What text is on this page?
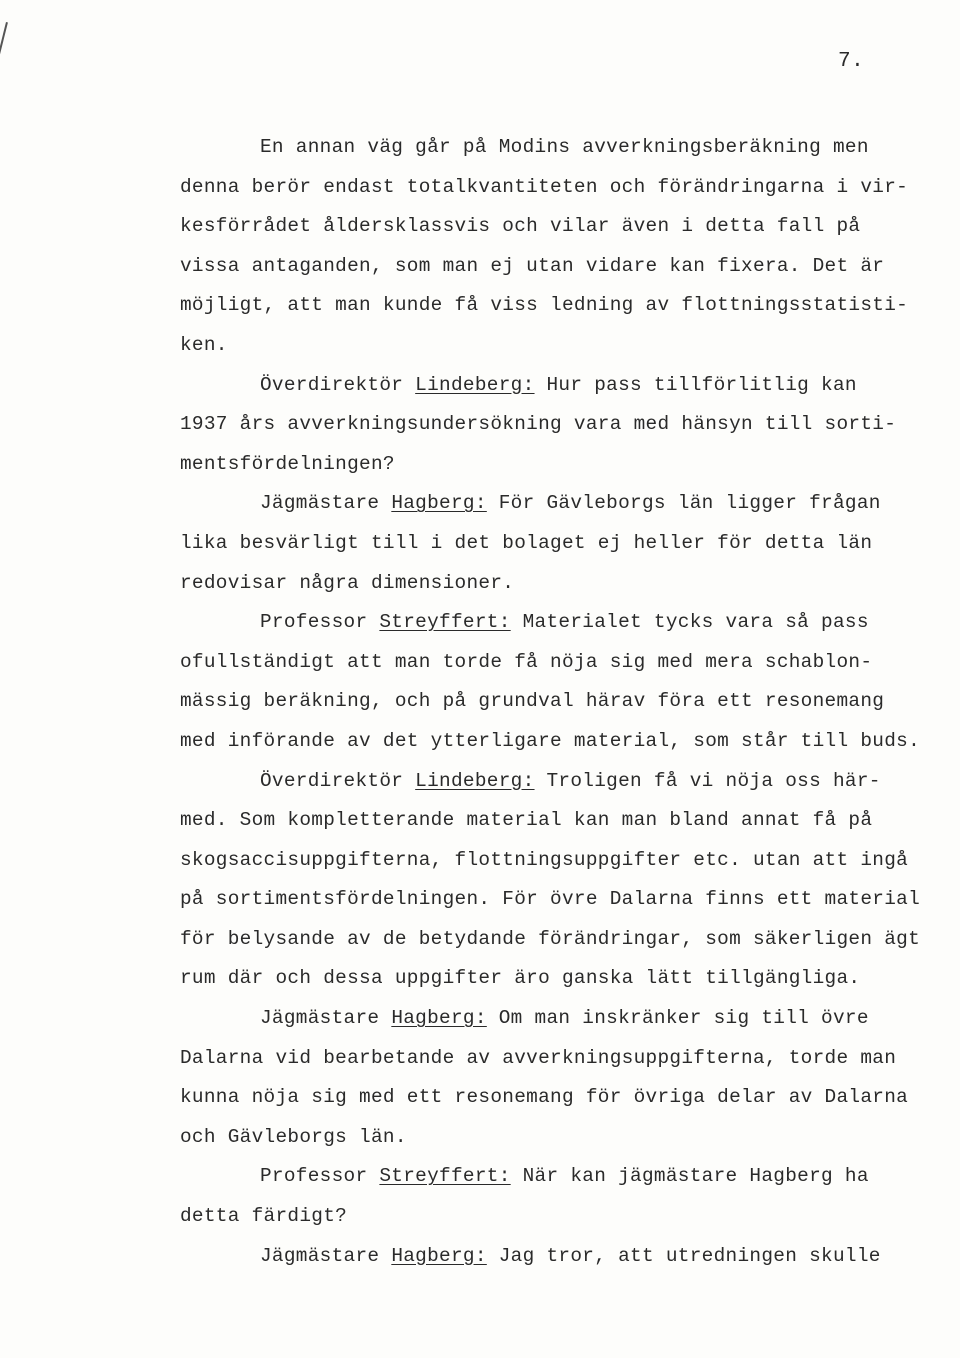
7.
En annan väg går på Modins avverkningsberäkning men
denna berör endast totalkvantiteten och förändringarna i vir-
kesförrådet åldersklassvis och vilar även i detta fall på
vissa antaganden, som man ej utan vidare kan fixera. Det är
möjligt, att man kunde få viss ledning av flottningsstatisti-
ken.
Överdirektör Lindeberg: Hur pass tillförlitlig kan
1937 års avverkningsundersökning vara med hänsyn till sorti-
mentsfördelningen?
Jägmästare Hagberg: För Gävleborgs län ligger frågan
lika besvärligt till i det bolaget ej heller för detta län
redovisar några dimensioner.
Professor Streyffert: Materialet tycks vara så pass
ofullständigt att man torde få nöja sig med mera schablon-
mässig beräkning, och på grundval härav föra ett resonemang
med införande av det ytterligare material, som står till buds.
Överdirektör Lindeberg: Troligen få vi nöja oss här-
med. Som kompletterande material kan man bland annat få på
skogsaccisuppgifterna, flottningsuppgifter etc. utan att ingå
på sortimentsfördelningen. För övre Dalarna finns ett material
för belysande av de betydande förändringar, som säkerligen ägt
rum där och dessa uppgifter äro ganska lätt tillgängliga.
Jägmästare Hagberg: Om man inskränker sig till övre
Dalarna vid bearbetande av avverkningsuppgifterna, torde man
kunna nöja sig med ett resonemang för övriga delar av Dalarna
och Gävleborgs län.
Professor Streyffert: När kan jägmästare Hagberg ha
detta färdigt?
Jägmästare Hagberg: Jag tror, att utredningen skulle
